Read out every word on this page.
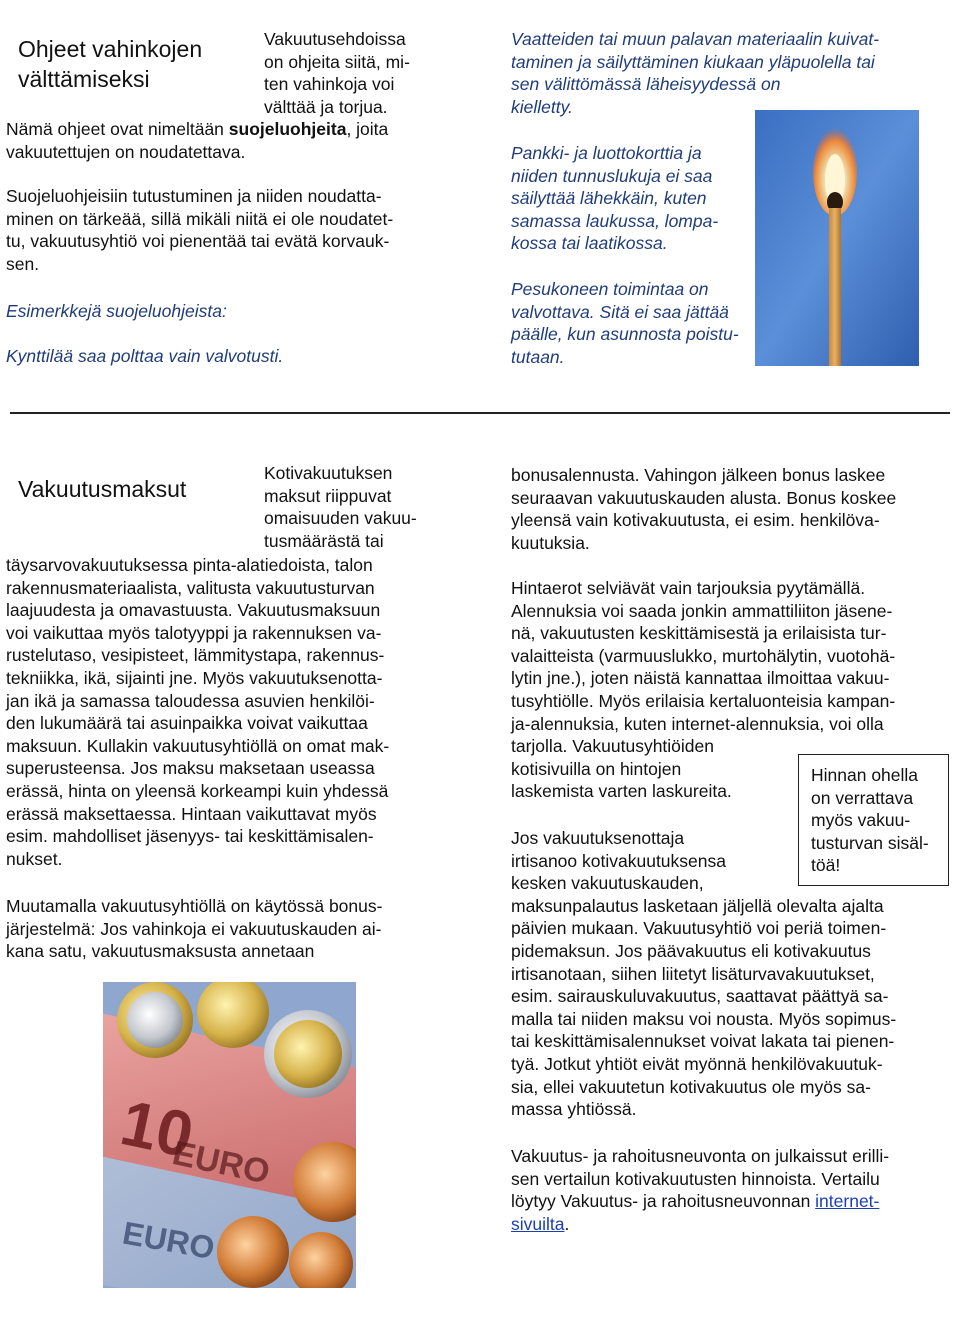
Ohjeet vahinkojen
välttämiseksi
Vakuutusehdoissa
on ohjeita siitä, mi-
ten vahinkoja voi
välttää ja torjua.
Nämä ohjeet ovat nimeltään suojeluohjeita, joita
vakuutettujen on noudatettava.
Suojeluohjeisiin tutustuminen ja niiden noudatta-
minen on tärkeää, sillä mikäli niitä ei ole noudatet-
tu, vakuutusyhtiö voi pienentää tai evätä korvauk-
sen.
Esimerkkejä suojeluohjeista:
Kynttilää saa polttaa vain valvotusti.
Vaatteiden tai muun palavan materiaalin kuivat-
taminen ja säilyttäminen kiukaan yläpuolella tai
sen välittömässä läheisyydessä on
kielletty.
Pankki- ja luottokorttia ja
niiden tunnuslukuja ei saa
säilyttää lähekkäin, kuten
samassa laukussa, lompa-
kossa tai laatikossa.
Pesukoneen toimintaa on
valvottava. Sitä ei saa jättää
päälle, kun asunnosta poistu-
tutaan.
Vakuutusmaksut
Kotivakuutuksen
maksut riippuvat
omaisuuden vakuu-
tusmäärästä tai
täysarvovakuutuksessa pinta-alatiedoista, talon
rakennusmateriaalista, valitusta vakuutusturvan
laajuudesta ja omavastuusta. Vakuutusmaksuun
voi vaikuttaa myös talotyyppi ja rakennuksen va-
rustelutaso, vesipisteet, lämmitystapa, rakennus-
tekniikka, ikä, sijainti jne. Myös vakuutuksenotta-
jan ikä ja samassa taloudessa asuvien henkilöi-
den lukumäärä tai asuinpaikka voivat vaikuttaa
maksuun. Kullakin vakuutusyhtiöllä on omat mak-
superusteensa. Jos maksu maksetaan useassa
erässä, hinta on yleensä korkeampi kuin yhdessä
erässä maksettaessa. Hintaan vaikuttavat myös
esim. mahdolliset jäsenyys- tai keskittämisalen-
nukset.
Muutamalla vakuutusyhtiöllä on käytössä bonus-
järjestelmä: Jos vahinkoja ei vakuutuskauden ai-
kana satu, vakuutusmaksusta annetaan
10
EURO
EURO
bonusalennusta. Vahingon jälkeen bonus laskee
seuraavan vakuutuskauden alusta. Bonus koskee
yleensä vain kotivakuutusta, ei esim. henkilöva-
kuutuksia.
Hintaerot selviävät vain tarjouksia pyytämällä.
Alennuksia voi saada jonkin ammattiliiton jäsene-
nä, vakuutusten keskittämisestä ja erilaisista tur-
valaitteista (varmuuslukko, murtohälytin, vuotohä-
lytin jne.), joten näistä kannattaa ilmoittaa vakuu-
tusyhtiölle. Myös erilaisia kertaluonteisia kampan-
ja-alennuksia, kuten internet-alennuksia, voi olla
tarjolla. Vakuutusyhtiöiden
kotisivuilla on hintojen
laskemista varten laskureita.
Jos vakuutuksenottaja
irtisanoo kotivakuutuksensa
kesken vakuutuskauden,
maksunpalautus lasketaan jäljellä olevalta ajalta
päivien mukaan. Vakuutusyhtiö voi periä toimen-
pidemaksun. Jos päävakuutus eli kotivakuutus
irtisanotaan, siihen liitetyt lisäturvavakuutukset,
esim. sairauskuluvakuutus, saattavat päättyä sa-
malla tai niiden maksu voi nousta. Myös sopimus-
tai keskittämisalennukset voivat lakata tai pienen-
tyä. Jotkut yhtiöt eivät myönnä henkilövakuutuk-
sia, ellei vakuutetun kotivakuutus ole myös sa-
massa yhtiössä.
Vakuutus- ja rahoitusneuvonta on julkaissut erilli-
sen vertailun kotivakuutusten hinnoista. Vertailu
löytyy Vakuutus- ja rahoitusneuvonnan internet-
sivuilta.
Hinnan ohella
on verrattava
myös vakuu-
tusturvan sisäl-
töä!
